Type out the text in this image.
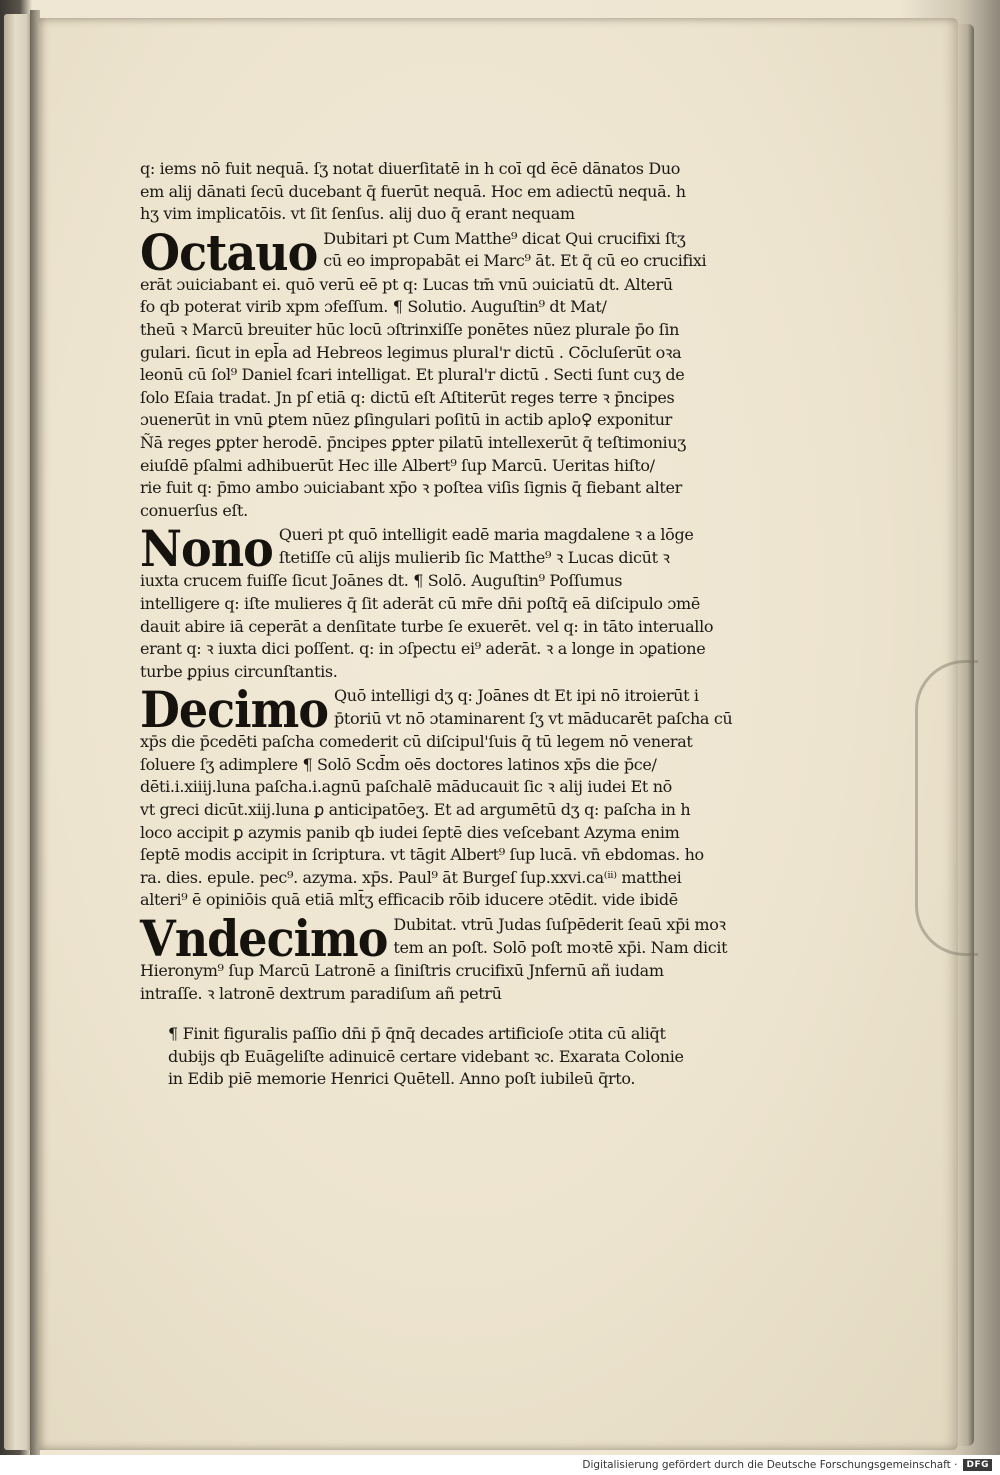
q: iems nō fuit nequā. ſʒ notat diuerſitatē in h coī qd ēcē dānatos Duo
em alij dānati ſecū ducebant q̄ fuerūt nequā. Hoc em adiectū nequā. h
hʒ vim implicatōis. vt ſit ſenſus. alij duo q̄ erant nequam
Octauo Dubitari pt Cum Matthe⁹ dicat Qui crucifixi ſtʒ
cū eo impropabāt ei Marc⁹ āt. Et q̄ cū eo crucifixi
erāt ɔuiciabant ei. quō verū eē pt q: Lucas tm̄ vnū ɔuiciatū dt. Alterū
ẜo qb poterat virib xpm ɔfeſſum. ¶ Solutio. Auguſtin⁹ dt Mat/
theū ꝛ Marcū breuiter hūc locū ɔſtrinxiſſe ponētes nūez plurale p̄o ſin
gulari. ſicut in epl̄a ad Hebreos legimus plural'r dictū . Cōcluſerūt oꝛa
leonū cū ſol⁹ Daniel ẜcari intelligat. Et plural'r dictū . Secti ſunt cuʒ de
ſolo Eſaia tradat. Jn pſ etiā q: dictū eſt Aſtiterūt reges terre ꝛ p̄ncipes
ɔuenerūt in vnū ꝑtem nūez ꝑſingulari poſitū in actib aplo♀ exponitur
Ñā reges ꝑpter herodē. p̄ncipes ꝑpter pilatū intellexerūt q̄ teſtimoniuʒ
eiuſdē pſalmi adhibuerūt Hec ille Albert⁹ ſup Marcū. Ueritas hiſto/
rie fuit q: p̄mo ambo ɔuiciabant xp̄o ꝛ poſtea viſis ſignis q̄ fiebant alter
conuerſus eſt.
Nono Queri pt quō intelligit eadē maria magdalene ꝛ a lōge
ſtetiſſe cū alijs mulierib ſic Matthe⁹ ꝛ Lucas dicūt ꝛ
iuxta crucem fuiſſe ſicut Joānes dt. ¶ Solō. Auguſtin⁹ Poſſumus
intelligere q: iſte mulieres q̄ ſit aderāt cū mr̄e dn̄i poſtq̄ eā diſcipulo ɔmē
dauit abire iā ceperāt a denſitate turbe ſe exuerēt. vel q: in tāto interuallo
erant q: ꝛ iuxta dici poſſent. q: in ɔſpectu ei⁹ aderāt. ꝛ a longe in ɔꝑatione
turbe ꝑpius circunſtantis.
Decimo Quō intelligi dʒ q: Joānes dt Et ipi nō itroierūt i
p̄toriū vt nō ɔtaminarent ſʒ vt māducarēt paſcha cū
xp̄s die p̄cedēti paſcha comederit cū diſcipul'ſuis q̄ tū legem nō venerat
ſoluere ſʒ adimplere ¶ Solō Scd̄m oēs doctores latinos xp̄s die p̄ce/
dēti.i.xiiij.luna paſcha.i.agnū paſchalē māducauit ſic ꝛ alij iudei Et nō
vt greci dicūt.xiij.luna ꝑ anticipatōeʒ. Et ad argumētū dʒ q: paſcha in h
loco accipit ꝑ azymis panib qb iudei ſeptē dies veſcebant Azyma enim
ſeptē modis accipit in ſcriptura. vt tāgit Albert⁹ ſup lucā. vn̄ ebdomas. ho
ra. dies. epule. pec⁹. azyma. xp̄s. Paul⁹ āt Burgeſ ſup.xxvi.ca⁽ⁱⁱ⁾ matthei
alteri⁹ ē opiniōis quā etiā mlt̄ʒ efficacib rōib iducere ɔtēdit. vide ibidē
Vndecimo Dubitat. vtrū Judas ſuſpēderit ſeaū xp̄i moꝛ
tem an poſt. Solō poſt moꝛtē xp̄i. Nam dicit
Hieronym⁹ ſup Marcū Latronē a ſiniſtris crucifixū Jnfernū añ iudam
intraſſe. ꝛ latronē dextrum paradiſum añ petrū
¶ Finit figuralis paſſio dn̄i p̄ q̄nq̄ decades artificioſe ɔtita cū aliq̄t
dubijs qb Euāgeliſte adinuicē certare videbant ꝛc. Exarata Colonie
in Edib piē memorie Henrici Quētell. Anno poſt iubileū q̄rto.
Digitalisierung gefördert durch die Deutsche Forschungsgemeinschaft ·	DFG
